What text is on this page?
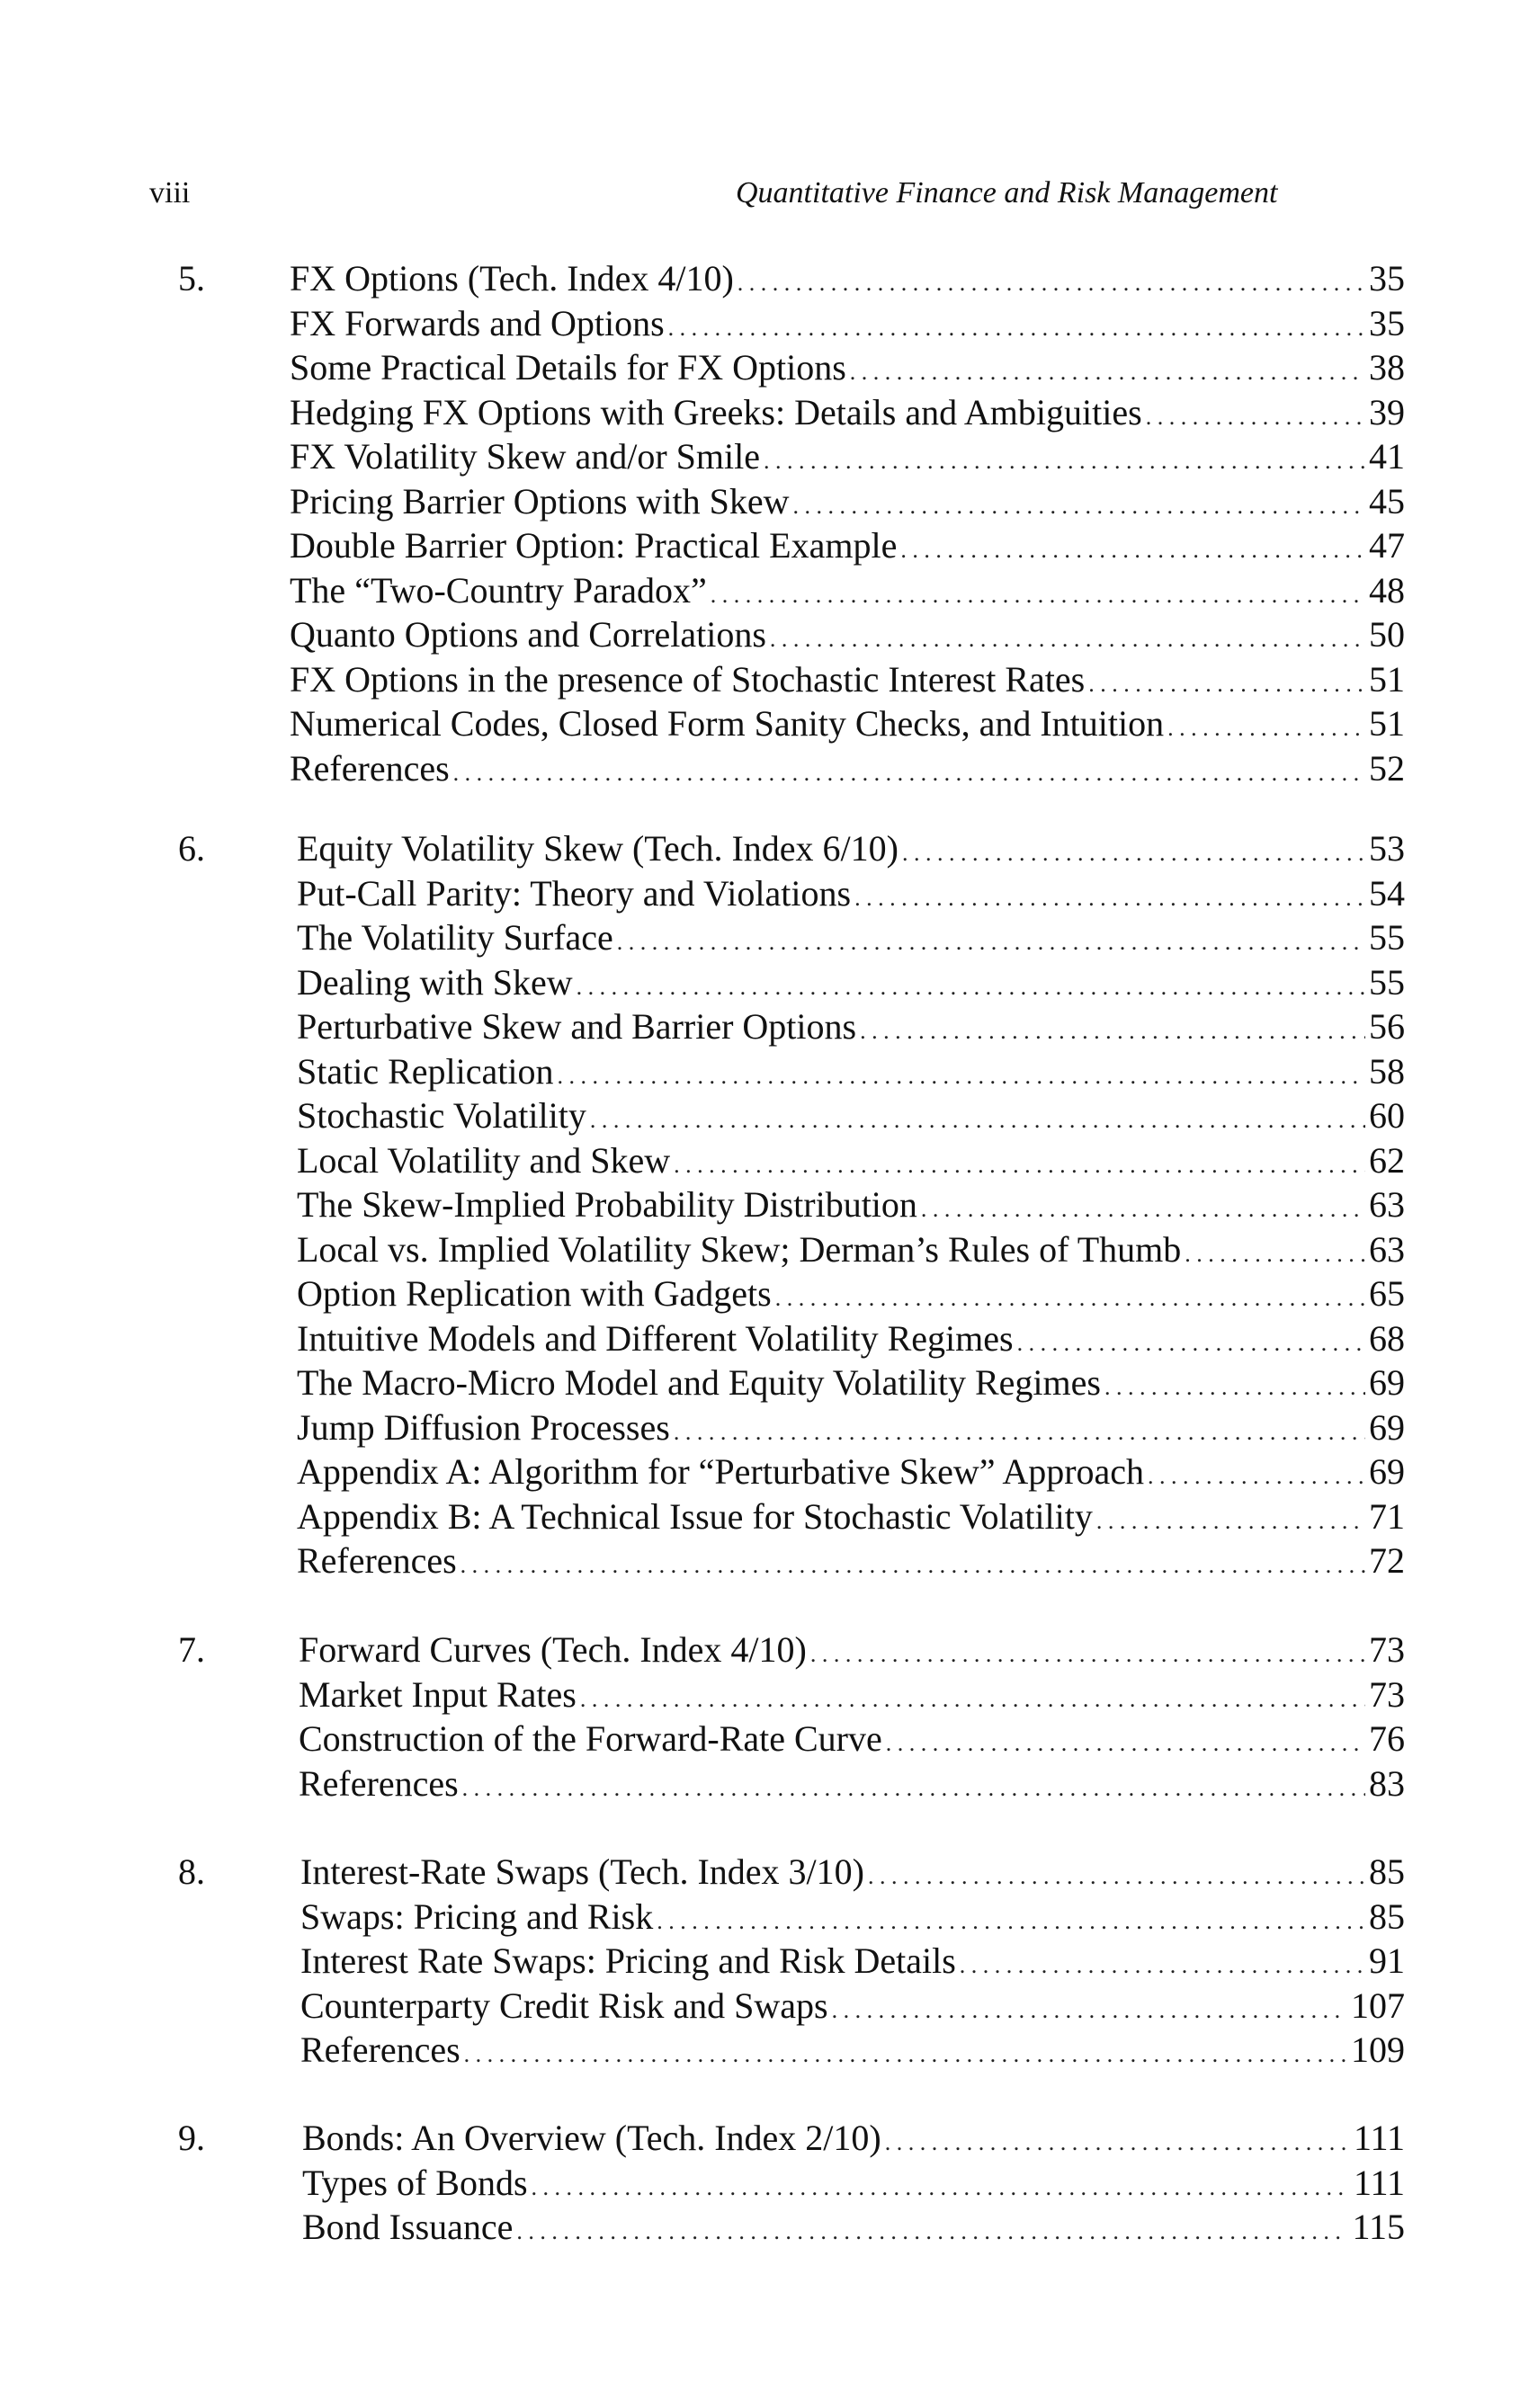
viii	Quantitative Finance and Risk Management
5. FX Options (Tech. Index 4/10) . . .	35
FX Forwards and Options . . .	35
Some Practical Details for FX Options . . .	38
Hedging FX Options with Greeks: Details and Ambiguities . . .	39
FX Volatility Skew and/or Smile . . .	41
Pricing Barrier Options with Skew . . .	45
Double Barrier Option: Practical Example . . .	47
The “Two-Country Paradox” . . .	48
Quanto Options and Correlations . . .	50
FX Options in the presence of Stochastic Interest Rates . . .	51
Numerical Codes, Closed Form Sanity Checks, and Intuition . . .	51
References . . .	52
6.	Equity Volatility Skew (Tech. Index 6/10) . . .	53
Put-Call Parity: Theory and Violations . . .	54
The Volatility Surface . . .	55
Dealing with Skew . . .	55
Perturbative Skew and Barrier Options . . .	56
Static Replication . . .	58
Stochastic Volatility . . .	60
Local Volatility and Skew . . .	62
The Skew-Implied Probability Distribution . . .	63
Local vs. Implied Volatility Skew; Derman’s Rules of Thumb . . .	63
Option Replication with Gadgets . . .	65
Intuitive Models and Different Volatility Regimes . . .	68
The Macro-Micro Model and Equity Volatility Regimes . . .	69
Jump Diffusion Processes . . .	69
Appendix A: Algorithm for “Perturbative Skew” Approach . . .	69
Appendix B: A Technical Issue for Stochastic Volatility . . .	71
References . . .	72
7.	Forward Curves (Tech. Index 4/10) . . .	73
Market Input Rates . . .	73
Construction of the Forward-Rate Curve . . .	76
References . . .	83
8.	Interest-Rate Swaps (Tech. Index 3/10) . . .	85
Swaps: Pricing and Risk . . .	85
Interest Rate Swaps: Pricing and Risk Details . . .	91
Counterparty Credit Risk and Swaps . . .	107
References . . .	109
9.	Bonds: An Overview (Tech. Index 2/10) . . .	111
Types of Bonds . . .	111
Bond Issuance . . .	115
